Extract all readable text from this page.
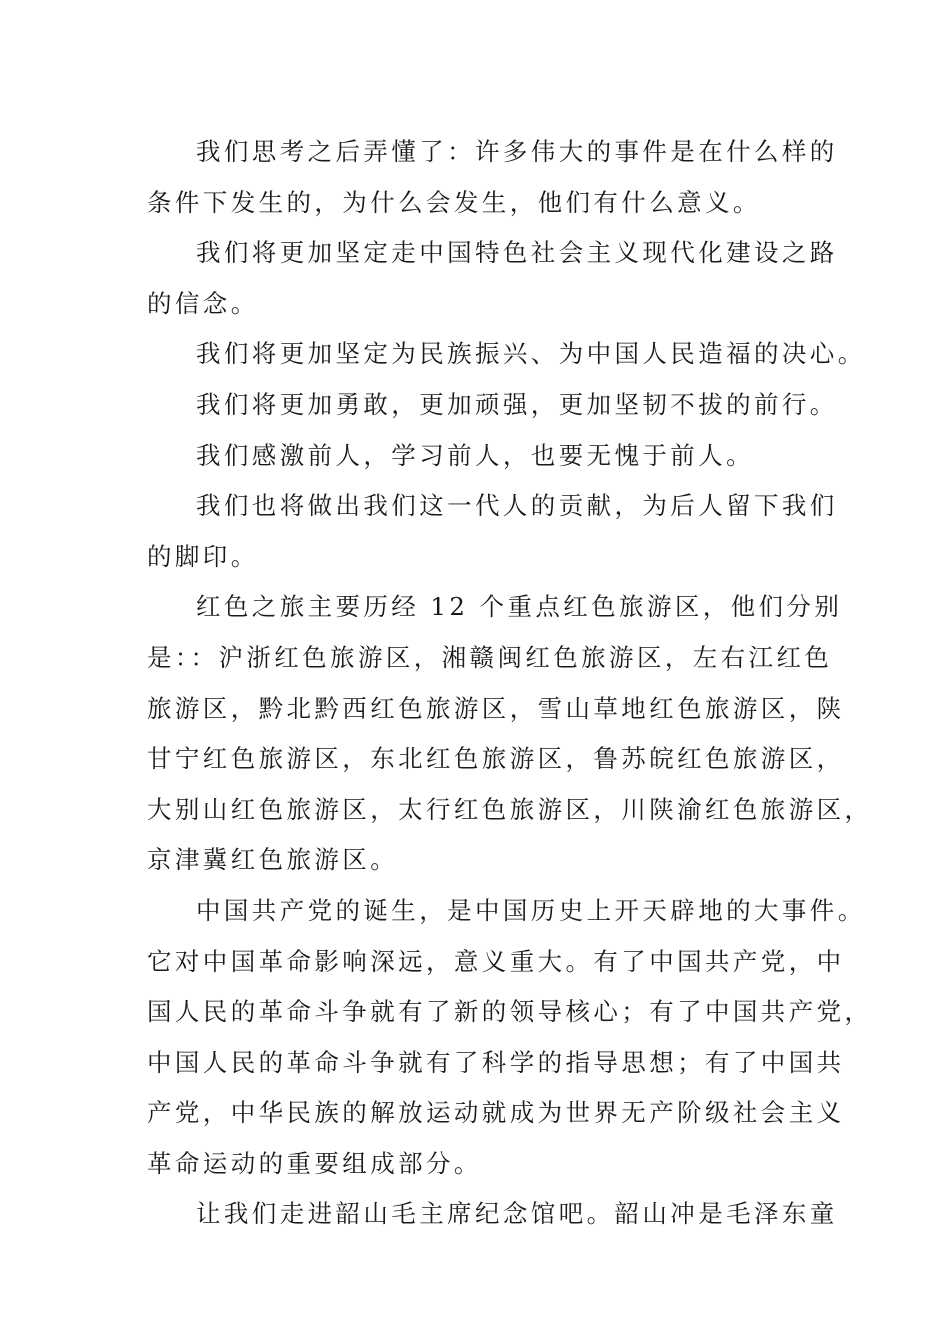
我们思考之后弄懂了：许多伟大的事件是在什么样的
条件下发生的，为什么会发生，他们有什么意义。

我们将更加坚定走中国特色社会主义现代化建设之路
的信念。

我们将更加坚定为民族振兴、为中国人民造福的决心。

我们将更加勇敢，更加顽强，更加坚韧不拔的前行。

我们感激前人，学习前人，也要无愧于前人。

我们也将做出我们这一代人的贡献，为后人留下我们
的脚印。

红色之旅主要历经 12 个重点红色旅游区，他们分别
是：：沪浙红色旅游区，湘赣闽红色旅游区，左右江红色
旅游区，黔北黔西红色旅游区，雪山草地红色旅游区，陕
甘宁红色旅游区，东北红色旅游区，鲁苏皖红色旅游区，
大别山红色旅游区，太行红色旅游区，川陕渝红色旅游区，
京津冀红色旅游区。

中国共产党的诞生，是中国历史上开天辟地的大事件。
它对中国革命影响深远，意义重大。有了中国共产党，中
国人民的革命斗争就有了新的领导核心；有了中国共产党，
中国人民的革命斗争就有了科学的指导思想；有了中国共
产党，中华民族的解放运动就成为世界无产阶级社会主义
革命运动的重要组成部分。

让我们走进韶山毛主席纪念馆吧。韶山冲是毛泽东童
